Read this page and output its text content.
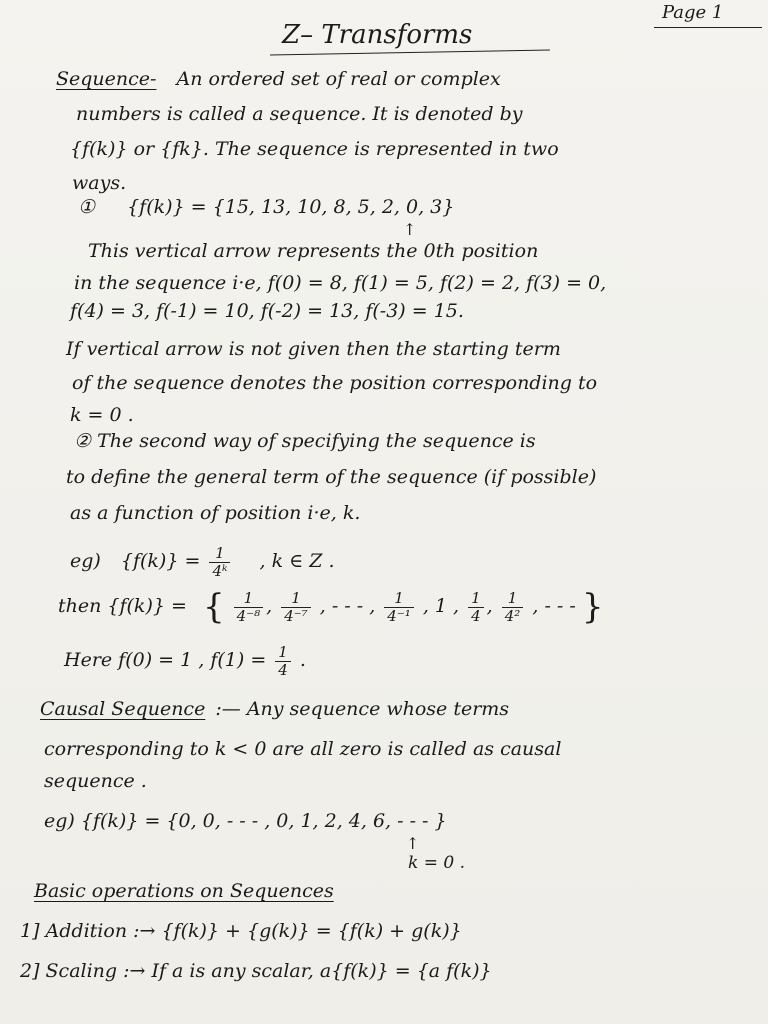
Page 1
Z– Transforms
Sequence- An ordered set of real or complex
numbers is called a sequence. It is denoted by
{f(k)} or {fk}. The sequence is represented in two
ways.
① {f(k)} = {15, 13, 10, 8, 5, 2, 0, 3}
↑
This vertical arrow represents the 0th position
in the sequence i·e, f(0) = 8, f(1) = 5, f(2) = 2, f(3) = 0,
f(4) = 3, f(-1) = 10, f(-2) = 13, f(-3) = 15.
If vertical arrow is not given then the starting term
of the sequence denotes the position corresponding to
k = 0 .
② The second way of specifying the sequence is
to define the general term of the sequence (if possible)
as a function of position i·e, k.
eg) $\{f(k)\} = \frac{1}{\text{4ᵏ}}$ , k ∈ Z .
then {f(k)} = { $\frac{1}{\text{4⁻⁸}}$ , $\frac{1}{\text{4⁻⁷}}$ , - - - , $\frac{1}{\text{4⁻¹}}$ , 1 , $\frac{1}{4}$ , $\frac{1}{\text{4²}}$ , - - - }
Here f(0) = 1 , $f(1) = \frac{1}{4}$ .
Causal Sequence :— Any sequence whose terms
corresponding to k < 0 are all zero is called as causal
sequence .
eg) {f(k)} = {0, 0, - - - , 0, 1, 2, 4, 6, - - - }
↑
k = 0 .
Basic operations on Sequences
1] Addition :→ {f(k)} + {g(k)} = {f(k) + g(k)}
2] Scaling :→ If a is any scalar, a{f(k)} = {a f(k)}
